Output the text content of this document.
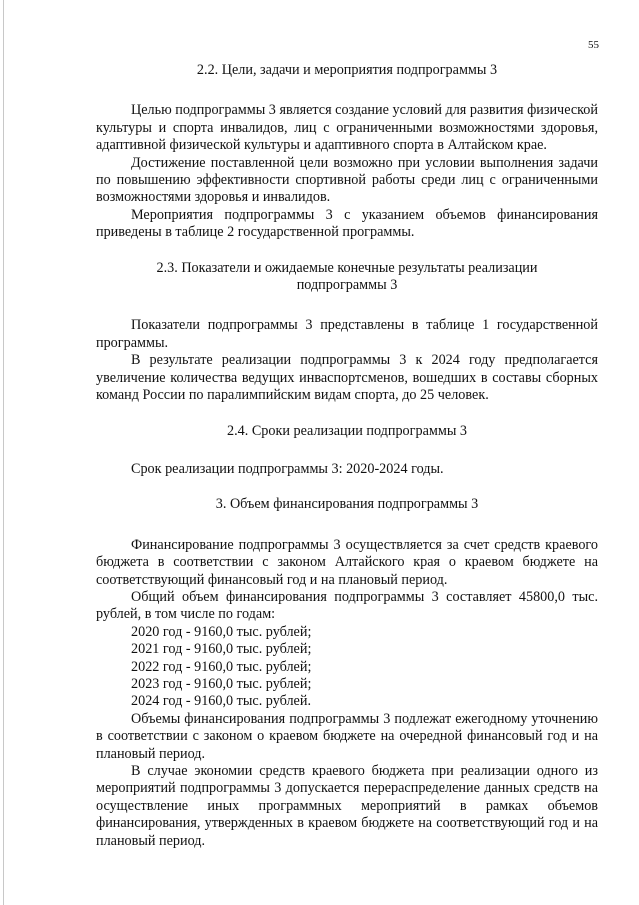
55

2.2. Цели, задачи и мероприятия подпрограммы 3

Целью подпрограммы 3 является создание условий для развития физической культуры и спорта инвалидов, лиц с ограниченными возможностями здоровья, адаптивной физической культуры и адаптивного спорта в Алтайском крае.

Достижение поставленной цели возможно при условии выполнения задачи по повышению эффективности спортивной работы среди лиц с ограниченными возможностями здоровья и инвалидов.

Мероприятия подпрограммы 3 с указанием объемов финансирования приведены в таблице 2 государственной программы.

2.3. Показатели и ожидаемые конечные результаты реализации

подпрограммы 3

Показатели подпрограммы 3 представлены в таблице 1 государственной программы.

В результате реализации подпрограммы 3 к 2024 году предполагается увеличение количества ведущих инваспортсменов, вошедших в составы сборных команд России по паралимпийским видам спорта, до 25 человек.

2.4. Сроки реализации подпрограммы 3

Срок реализации подпрограммы 3: 2020-2024 годы.

3. Объем финансирования подпрограммы 3

Финансирование подпрограммы 3 осуществляется за счет средств краевого бюджета в соответствии с законом Алтайского края о краевом бюджете на соответствующий финансовый год и на плановый период.

Общий объем финансирования подпрограммы 3 составляет 45800,0 тыс. рублей, в том числе по годам:

2020 год - 9160,0 тыс. рублей;

2021 год - 9160,0 тыс. рублей;

2022 год - 9160,0 тыс. рублей;

2023 год - 9160,0 тыс. рублей;

2024 год - 9160,0 тыс. рублей.

Объемы финансирования подпрограммы 3 подлежат ежегодному уточнению в соответствии с законом о краевом бюджете на очередной финансовый год и на плановый период.

В случае экономии средств краевого бюджета при реализации одного из мероприятий подпрограммы 3 допускается перераспределение данных средств на осуществление иных программных мероприятий в рамках объемов финансирования, утвержденных в краевом бюджете на соответствующий год и на плановый период.
